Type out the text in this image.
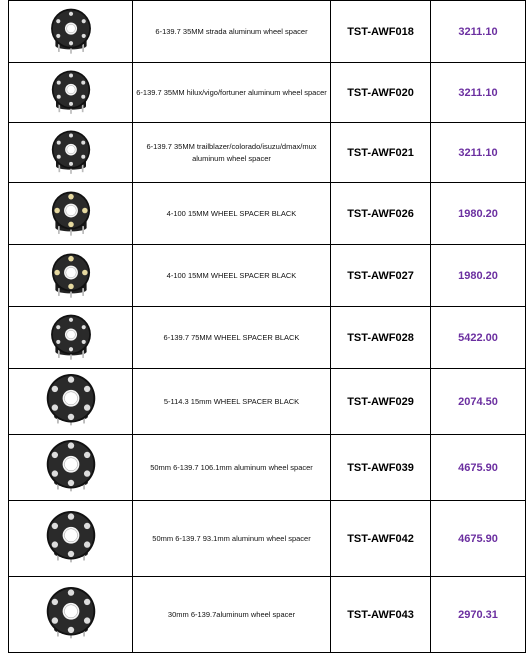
	6-139.7 35MM strada aluminum wheel spacer	TST-AWF018	3211.10

	6-139.7 35MM hilux/vigo/fortuner aluminum wheel spacer	TST-AWF020	3211.10

	6-139.7 35MM trailblazer/colorado/isuzu/dmax/mux aluminum wheel spacer	TST-AWF021	3211.10

	4-100 15MM WHEEL SPACER BLACK	TST-AWF026	1980.20

	4-100 15MM WHEEL SPACER BLACK	TST-AWF027	1980.20

	6-139.7 75MM WHEEL SPACER BLACK	TST-AWF028	5422.00

	5-114.3 15mm WHEEL SPACER BLACK	TST-AWF029	2074.50

	50mm 6-139.7 106.1mm aluminum wheel spacer	TST-AWF039	4675.90

	50mm 6-139.7 93.1mm aluminum wheel spacer	TST-AWF042	4675.90

	30mm 6-139.7aluminum wheel spacer	TST-AWF043	2970.31
